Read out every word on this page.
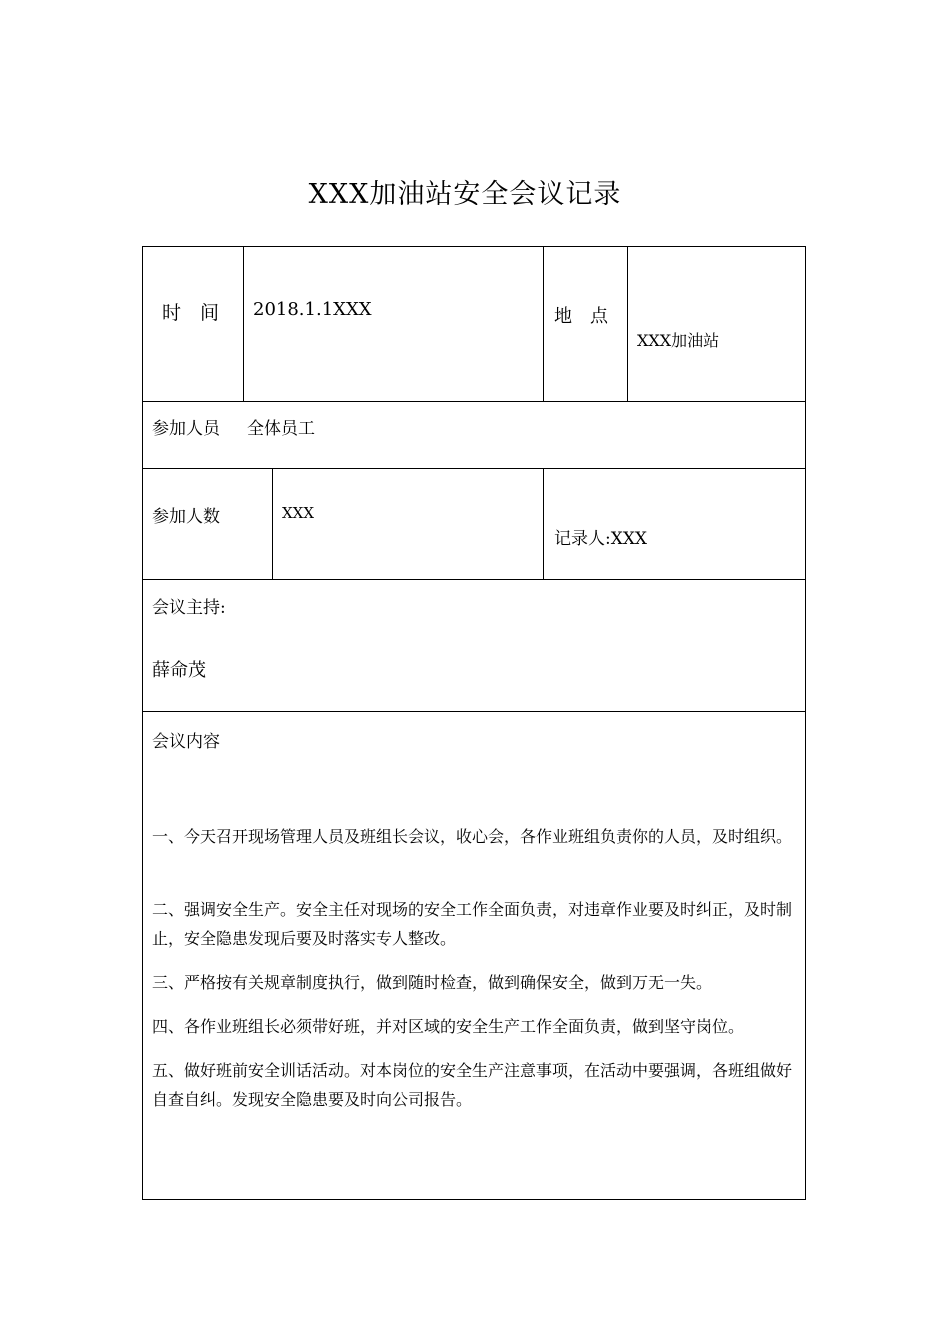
XXX加油站安全会议记录
时　间 2018.1.1XXX	地　点
XXX加油站
参加人员 全体员工
参加人数	XXX
记录人:XXX
会议主持:
薛命茂
会议内容
一、今天召开现场管理人员及班组长会议，收心会，各作业班组负责你的人员，及时组织。
二、强调安全生产。安全主任对现场的安全工作全面负责，对违章作业要及时纠正，及时制止，安全隐患发现后要及时落实专人整改。
三、严格按有关规章制度执行，做到随时检查，做到确保安全，做到万无一失。
四、各作业班组长必须带好班，并对区域的安全生产工作全面负责，做到坚守岗位。
五、做好班前安全训话活动。对本岗位的安全生产注意事项，在活动中要强调，各班组做好自查自纠。发现安全隐患要及时向公司报告。
